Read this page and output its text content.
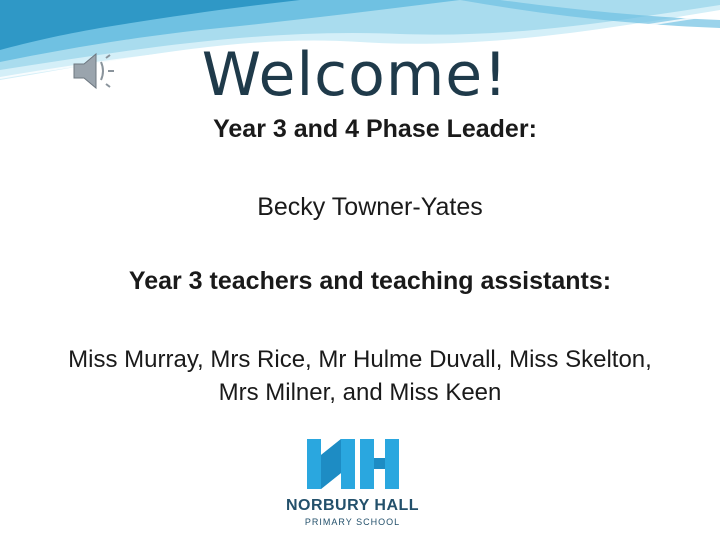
Welcome!
Year 3 and 4 Phase Leader:
Becky Towner-Yates
Year 3 teachers and teaching assistants:
Miss Murray, Mrs Rice, Mr Hulme Duvall, Miss Skelton,
Mrs Milner, and Miss Keen
NORBURY HALL
PRIMARY SCHOOL
